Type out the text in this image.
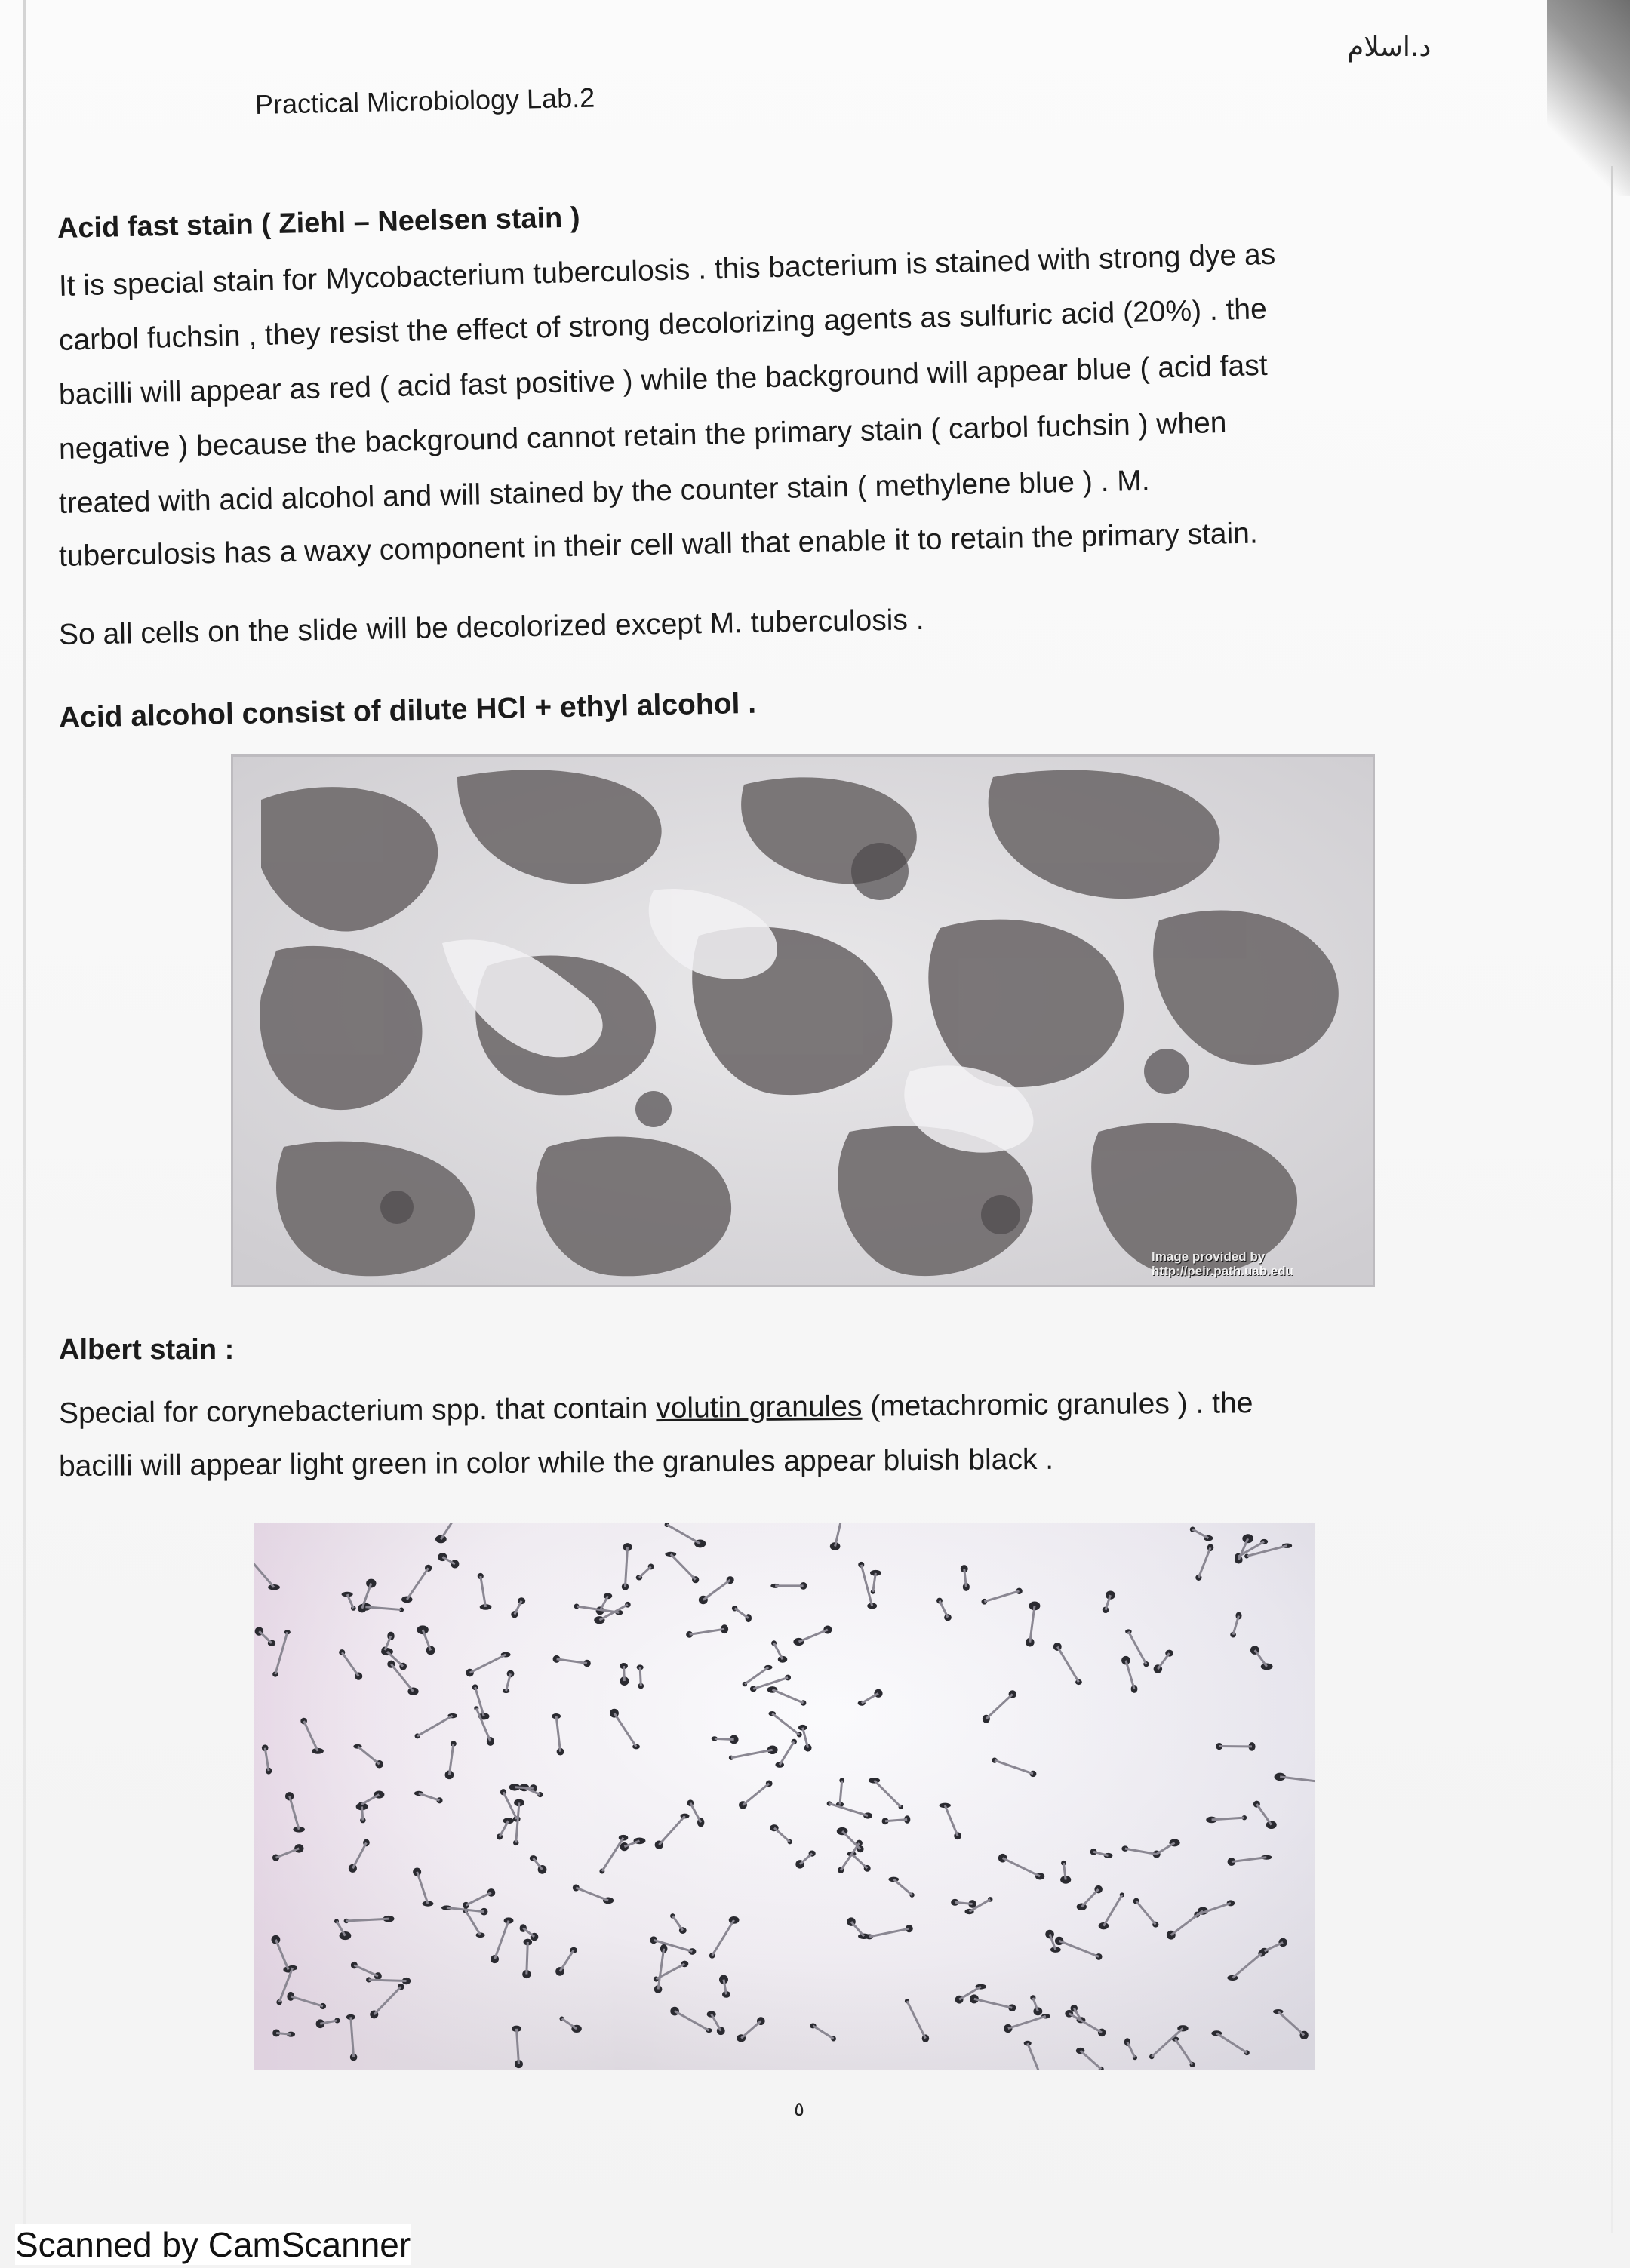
د.اسلام
Practical Microbiology Lab.2
Acid fast stain ( Ziehl – Neelsen stain )
It is special stain for Mycobacterium tuberculosis . this bacterium is stained with strong dye as
carbol fuchsin , they resist the effect of strong decolorizing agents as sulfuric acid (20%) . the
bacilli will appear as red ( acid fast positive ) while the background will appear blue ( acid fast
negative ) because the background cannot retain the primary stain ( carbol fuchsin ) when
treated with acid alcohol and will stained by the counter stain ( methylene blue ) . M.
tuberculosis has a waxy component in their cell wall that enable it to retain the primary stain.
So all cells on the slide will be decolorized except M. tuberculosis .
Acid alcohol consist of dilute HCl + ethyl alcohol .
Image provided by
http://peir.path.uab.edu
Albert stain :
Special for corynebacterium spp. that contain volutin granules (metachromic granules ) . the
bacilli will appear light green in color while the granules appear bluish black .
٥
Scanned by CamScanner
